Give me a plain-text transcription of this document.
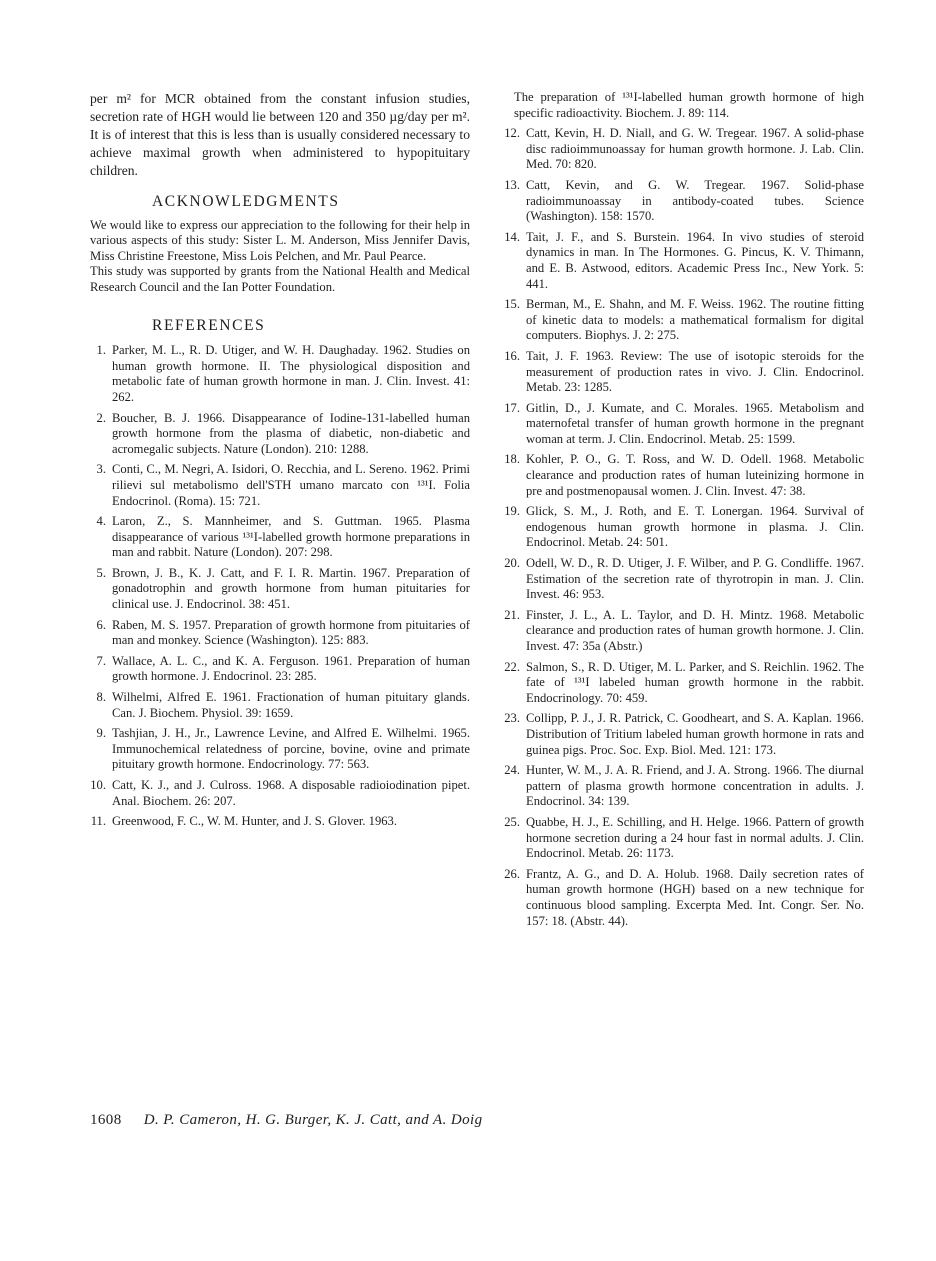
per m² for MCR obtained from the constant infusion studies, secretion rate of HGH would lie between 120 and 350 µg/day per m². It is of interest that this is less than is usually considered necessary to achieve maximal growth when administered to hypopituitary children.

ACKNOWLEDGMENTS

We would like to express our appreciation to the following for their help in various aspects of this study: Sister L. M. Anderson, Miss Jennifer Davis, Miss Christine Freestone, Miss Lois Pelchen, and Mr. Paul Pearce.

This study was supported by grants from the National Health and Medical Research Council and the Ian Potter Foundation.

REFERENCES
1. Parker, M. L., R. D. Utiger, and W. H. Daughaday. 1962. Studies on human growth hormone. II. The physiological disposition and metabolic fate of human growth hormone in man. J. Clin. Invest. 41: 262.
2. Boucher, B. J. 1966. Disappearance of Iodine-131-labelled human growth hormone from the plasma of diabetic, non-diabetic and acromegalic subjects. Nature (London). 210: 1288.
3. Conti, C., M. Negri, A. Isidori, O. Recchia, and L. Sereno. 1962. Primi rilievi sul metabolismo dell'STH umano marcato con ¹³¹I. Folia Endocrinol. (Roma). 15: 721.
4. Laron, Z., S. Mannheimer, and S. Guttman. 1965. Plasma disappearance of various ¹³¹I-labelled growth hormone preparations in man and rabbit. Nature (London). 207: 298.
5. Brown, J. B., K. J. Catt, and F. I. R. Martin. 1967. Preparation of gonadotrophin and growth hormone from human pituitaries for clinical use. J. Endocrinol. 38: 451.
6. Raben, M. S. 1957. Preparation of growth hormone from pituitaries of man and monkey. Science (Washington). 125: 883.
7. Wallace, A. L. C., and K. A. Ferguson. 1961. Preparation of human growth hormone. J. Endocrinol. 23: 285.
8. Wilhelmi, Alfred E. 1961. Fractionation of human pituitary glands. Can. J. Biochem. Physiol. 39: 1659.
9. Tashjian, J. H., Jr., Lawrence Levine, and Alfred E. Wilhelmi. 1965. Immunochemical relatedness of porcine, bovine, ovine and primate pituitary growth hormone. Endocrinology. 77: 563.
10. Catt, K. J., and J. Culross. 1968. A disposable radioiodination pipet. Anal. Biochem. 26: 207.
11. Greenwood, F. C., W. M. Hunter, and J. S. Glover. 1963.

The preparation of ¹³¹I-labelled human growth hormone of high specific radioactivity. Biochem. J. 89: 114.

12. Catt, Kevin, H. D. Niall, and G. W. Tregear. 1967. A solid-phase disc radioimmunoassay for human growth hormone. J. Lab. Clin. Med. 70: 820.
13. Catt, Kevin, and G. W. Tregear. 1967. Solid-phase radioimmunoassay in antibody-coated tubes. Science (Washington). 158: 1570.
14. Tait, J. F., and S. Burstein. 1964. In vivo studies of steroid dynamics in man. In The Hormones. G. Pincus, K. V. Thimann, and E. B. Astwood, editors. Academic Press Inc., New York. 5: 441.
15. Berman, M., E. Shahn, and M. F. Weiss. 1962. The routine fitting of kinetic data to models: a mathematical formalism for digital computers. Biophys. J. 2: 275.
16. Tait, J. F. 1963. Review: The use of isotopic steroids for the measurement of production rates in vivo. J. Clin. Endocrinol. Metab. 23: 1285.
17. Gitlin, D., J. Kumate, and C. Morales. 1965. Metabolism and maternofetal transfer of human growth hormone in the pregnant woman at term. J. Clin. Endocrinol. Metab. 25: 1599.
18. Kohler, P. O., G. T. Ross, and W. D. Odell. 1968. Metabolic clearance and production rates of human luteinizing hormone in pre and postmenopausal women. J. Clin. Invest. 47: 38.
19. Glick, S. M., J. Roth, and E. T. Lonergan. 1964. Survival of endogenous human growth hormone in plasma. J. Clin. Endocrinol. Metab. 24: 501.
20. Odell, W. D., R. D. Utiger, J. F. Wilber, and P. G. Condliffe. 1967. Estimation of the secretion rate of thyrotropin in man. J. Clin. Invest. 46: 953.
21. Finster, J. L., A. L. Taylor, and D. H. Mintz. 1968. Metabolic clearance and production rates of human growth hormone. J. Clin. Invest. 47: 35a (Abstr.)
22. Salmon, S., R. D. Utiger, M. L. Parker, and S. Reichlin. 1962. The fate of ¹³¹I labeled human growth hormone in the rabbit. Endocrinology. 70: 459.
23. Collipp, P. J., J. R. Patrick, C. Goodheart, and S. A. Kaplan. 1966. Distribution of Tritium labeled human growth hormone in rats and guinea pigs. Proc. Soc. Exp. Biol. Med. 121: 173.
24. Hunter, W. M., J. A. R. Friend, and J. A. Strong. 1966. The diurnal pattern of plasma growth hormone concentration in adults. J. Endocrinol. 34: 139.
25. Quabbe, H. J., E. Schilling, and H. Helge. 1966. Pattern of growth hormone secretion during a 24 hour fast in normal adults. J. Clin. Endocrinol. Metab. 26: 1173.
26. Frantz, A. G., and D. A. Holub. 1968. Daily secretion rates of human growth hormone (HGH) based on a new technique for continuous blood sampling. Excerpta Med. Int. Congr. Ser. No. 157: 18. (Abstr. 44).
1608 D. P. Cameron, H. G. Burger, K. J. Catt, and A. Doig
